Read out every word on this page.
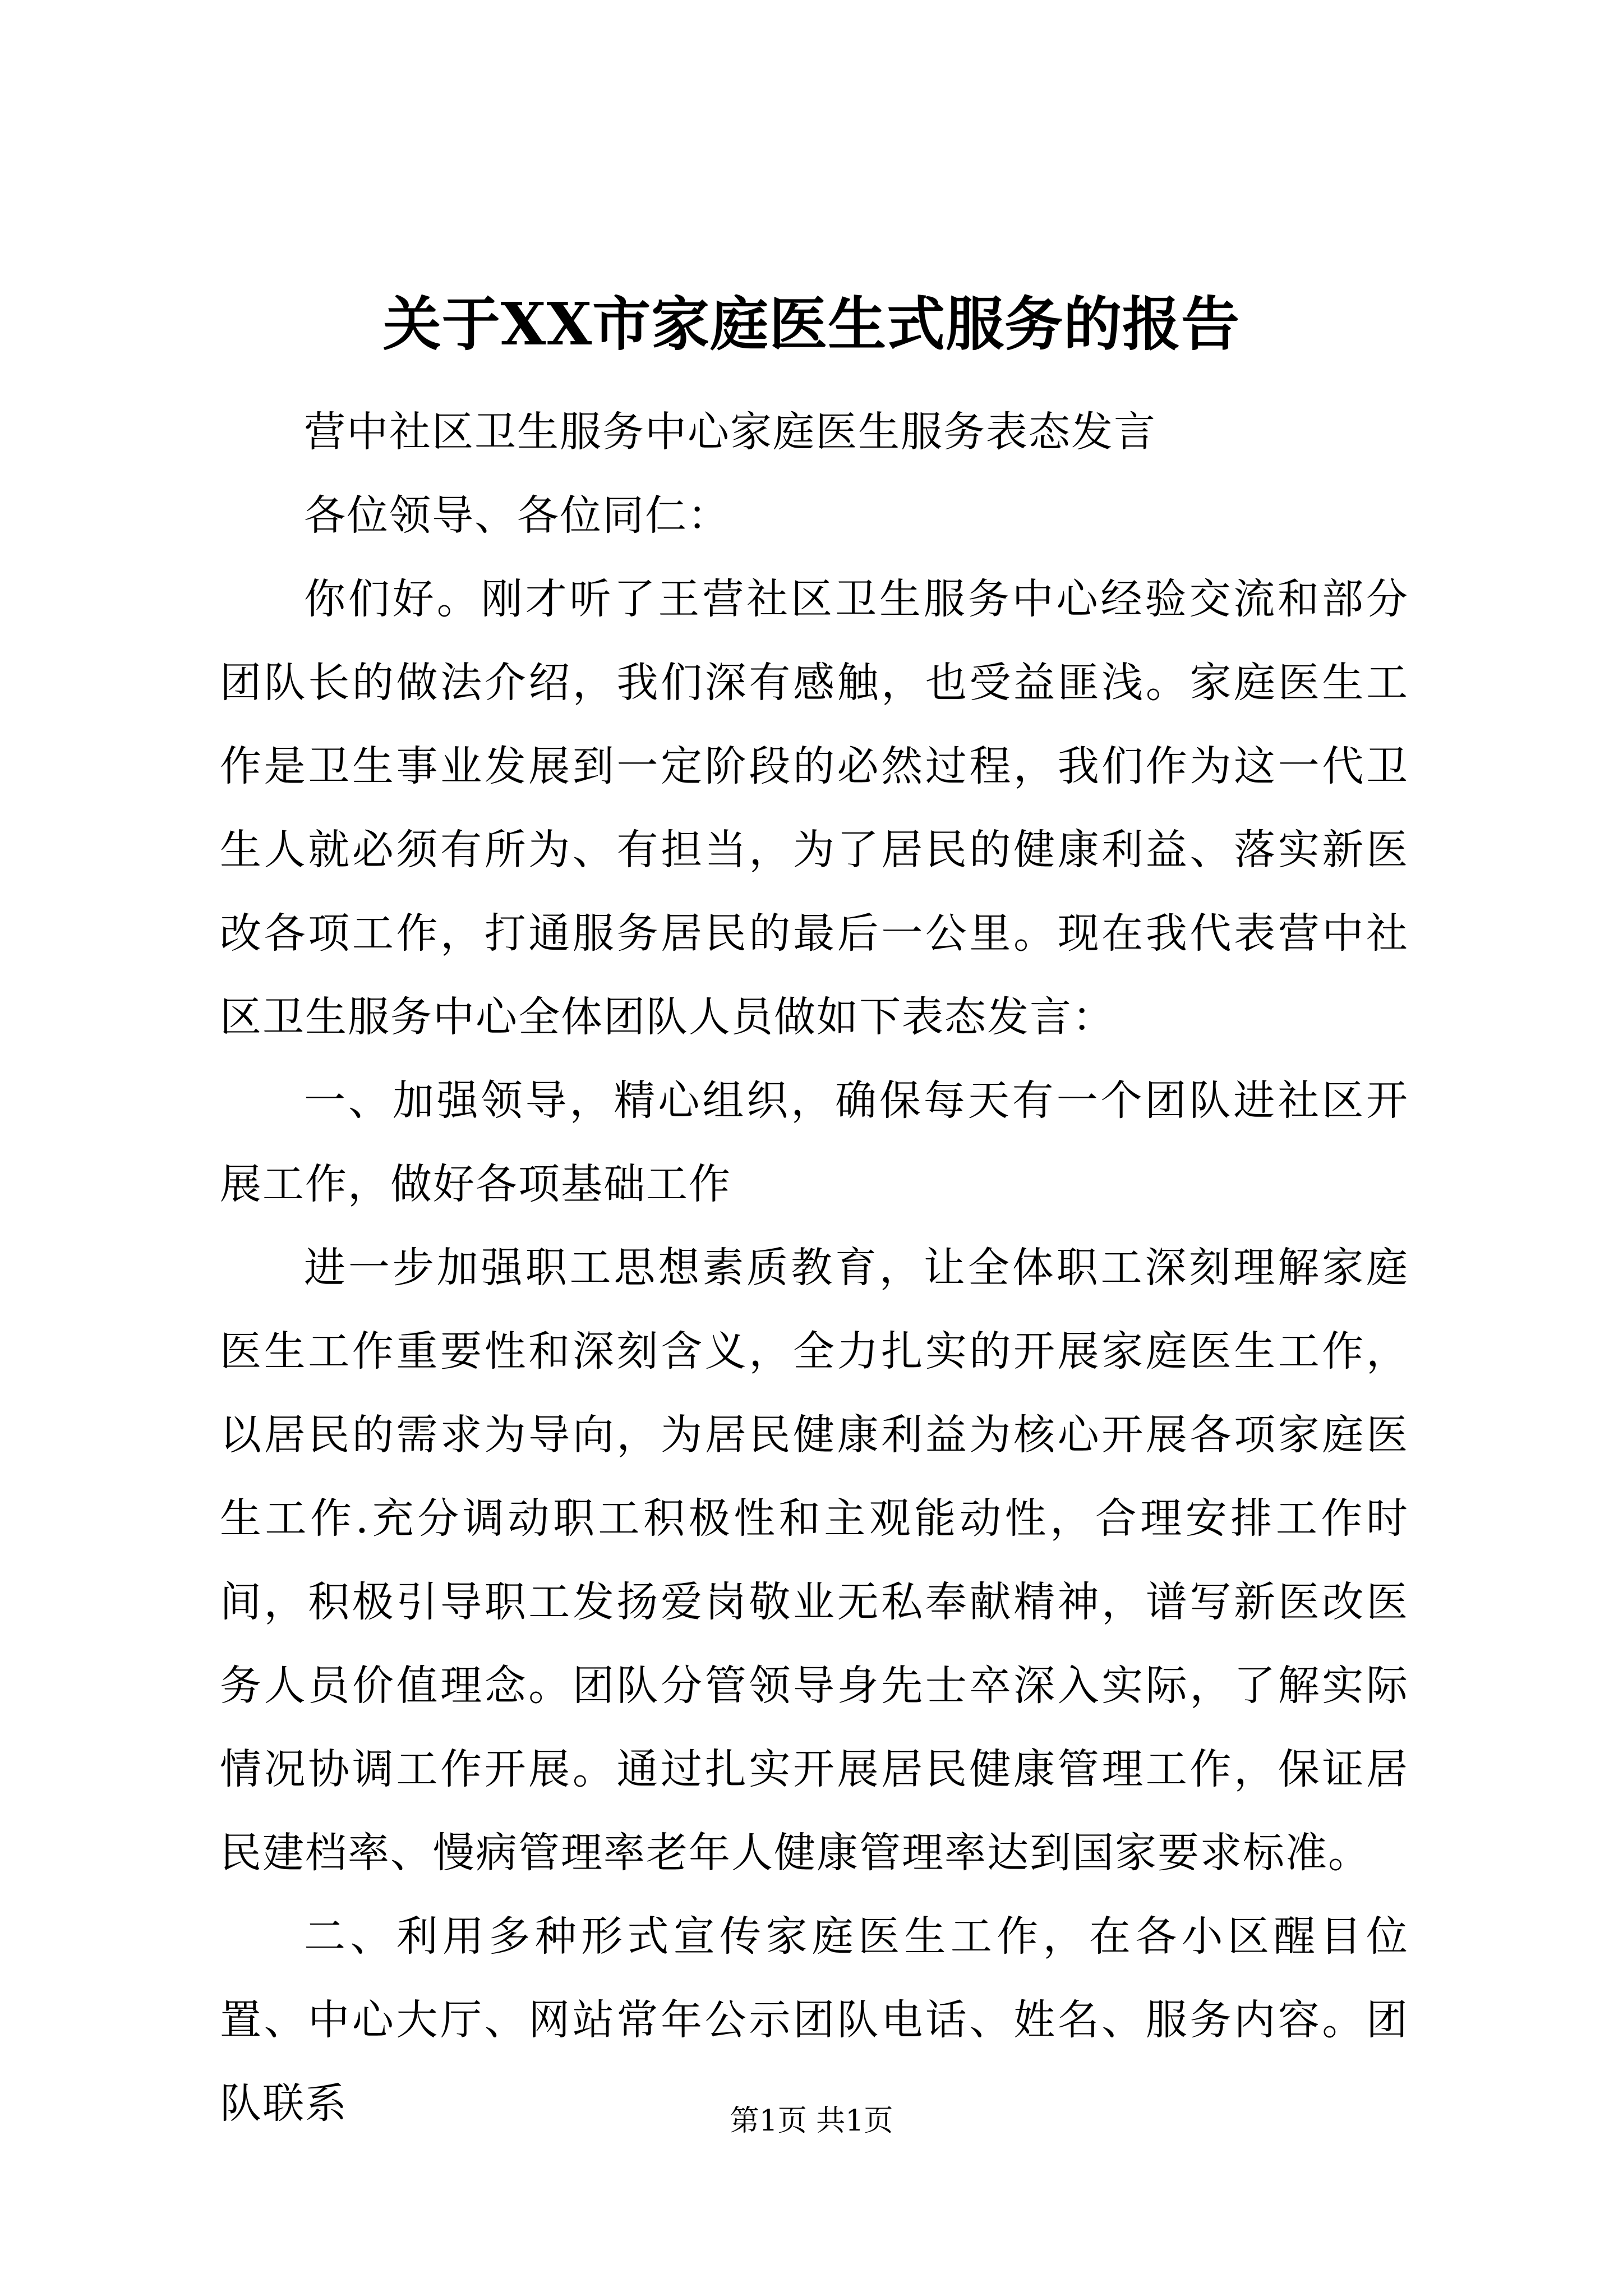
关于XX市家庭医生式服务的报告

营中社区卫生服务中心家庭医生服务表态发言

各位领导、各位同仁：

你们好。刚才听了王营社区卫生服务中心经验交流和部分团队长的做法介绍，我们深有感触，也受益匪浅。家庭医生工作是卫生事业发展到一定阶段的必然过程，我们作为这一代卫生人就必须有所为、有担当，为了居民的健康利益、落实新医改各项工作，打通服务居民的最后一公里。现在我代表营中社区卫生服务中心全体团队人员做如下表态发言：

一、加强领导，精心组织，确保每天有一个团队进社区开展工作，做好各项基础工作

进一步加强职工思想素质教育，让全体职工深刻理解家庭医生工作重要性和深刻含义，全力扎实的开展家庭医生工作，以居民的需求为导向，为居民健康利益为核心开展各项家庭医生工作.充分调动职工积极性和主观能动性，合理安排工作时间，积极引导职工发扬爱岗敬业无私奉献精神，谱写新医改医务人员价值理念。团队分管领导身先士卒深入实际，了解实际情况协调工作开展。通过扎实开展居民健康管理工作，保证居民建档率、慢病管理率老年人健康管理率达到国家要求标准。

二、利用多种形式宣传家庭医生工作，在各小区醒目位置、中心大厅、网站常年公示团队电话、姓名、服务内容。团队联系	第1页 共1页
